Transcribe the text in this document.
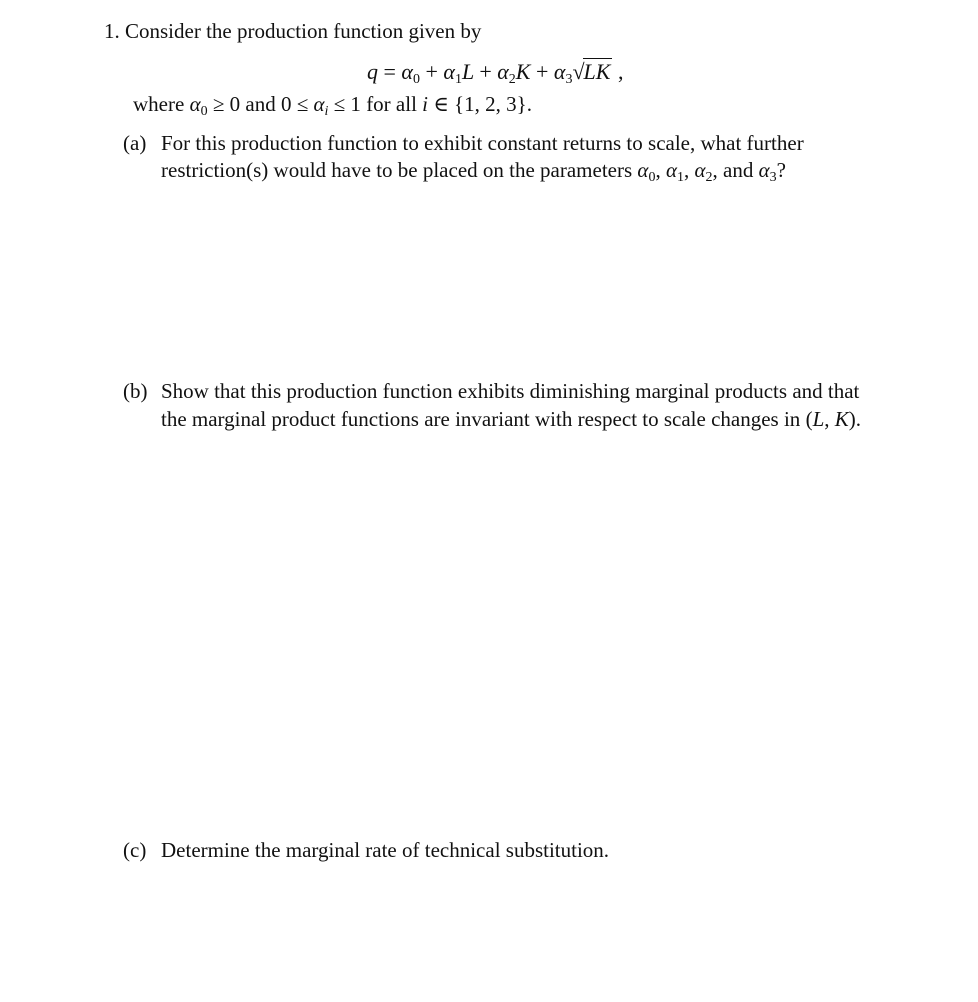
1. Consider the production function given by
$q = \alpha_0 + \alpha_1L + \alpha_2K + \alpha_3√LK$ ,
where $\alpha_0 \ge 0$ and $0 \le \alpha_i \le 1$ for all i ∈ {1, 2, 3}.
(a) For this production function to exhibit constant returns to scale, what further
restriction(s) would have to be placed on the parameters $\alpha_0$, $\alpha_1$, $\alpha_2$, and $\alpha_3$?
(b) Show that this production function exhibits diminishing marginal products and that
the marginal product functions are invariant with respect to scale changes in (L, K).
(c) Determine the marginal rate of technical substitution.
